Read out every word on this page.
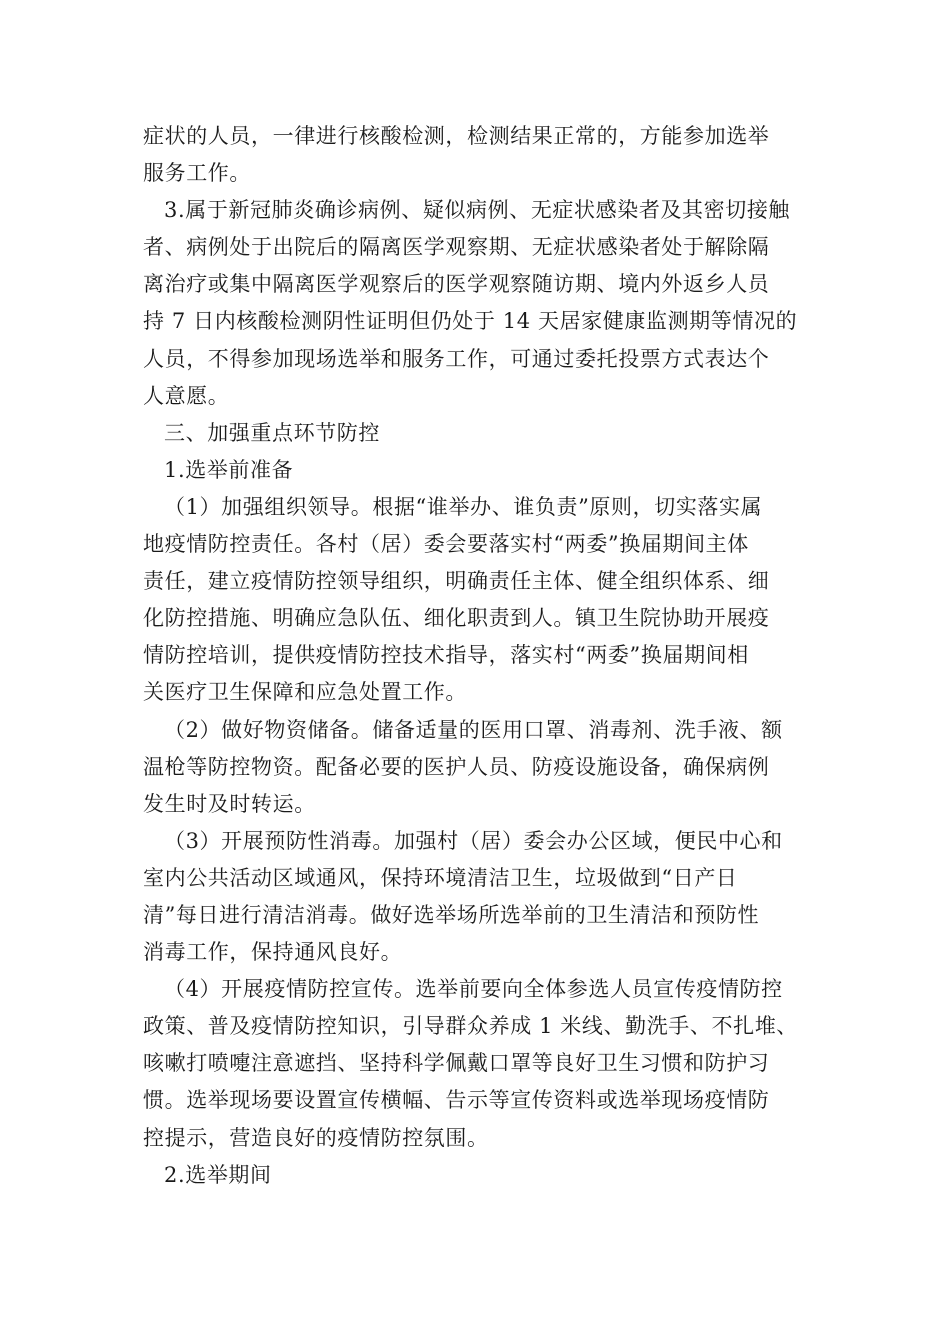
症状的人员，一律进行核酸检测，检测结果正常的，方能参加选举
服务工作。

3.属于新冠肺炎确诊病例、疑似病例、无症状感染者及其密切接触
者、病例处于出院后的隔离医学观察期、无症状感染者处于解除隔
离治疗或集中隔离医学观察后的医学观察随访期、境内外返乡人员
持 7 日内核酸检测阴性证明但仍处于 14 天居家健康监测期等情况的
人员，不得参加现场选举和服务工作，可通过委托投票方式表达个
人意愿。

三、加强重点环节防控

1.选举前准备

（1）加强组织领导。根据“谁举办、谁负责”原则，切实落实属
地疫情防控责任。各村（居）委会要落实村“两委”换届期间主体
责任，建立疫情防控领导组织，明确责任主体、健全组织体系、细
化防控措施、明确应急队伍、细化职责到人。镇卫生院协助开展疫
情防控培训，提供疫情防控技术指导，落实村“两委”换届期间相
关医疗卫生保障和应急处置工作。

（2）做好物资储备。储备适量的医用口罩、消毒剂、洗手液、额
温枪等防控物资。配备必要的医护人员、防疫设施设备，确保病例
发生时及时转运。

（3）开展预防性消毒。加强村（居）委会办公区域，便民中心和
室内公共活动区域通风，保持环境清洁卫生，垃圾做到“日产日
清”每日进行清洁消毒。做好选举场所选举前的卫生清洁和预防性
消毒工作，保持通风良好。

（4）开展疫情防控宣传。选举前要向全体参选人员宣传疫情防控
政策、普及疫情防控知识，引导群众养成 1 米线、勤洗手、不扎堆、
咳嗽打喷嚏注意遮挡、坚持科学佩戴口罩等良好卫生习惯和防护习
惯。选举现场要设置宣传横幅、告示等宣传资料或选举现场疫情防
控提示，营造良好的疫情防控氛围。

2.选举期间
